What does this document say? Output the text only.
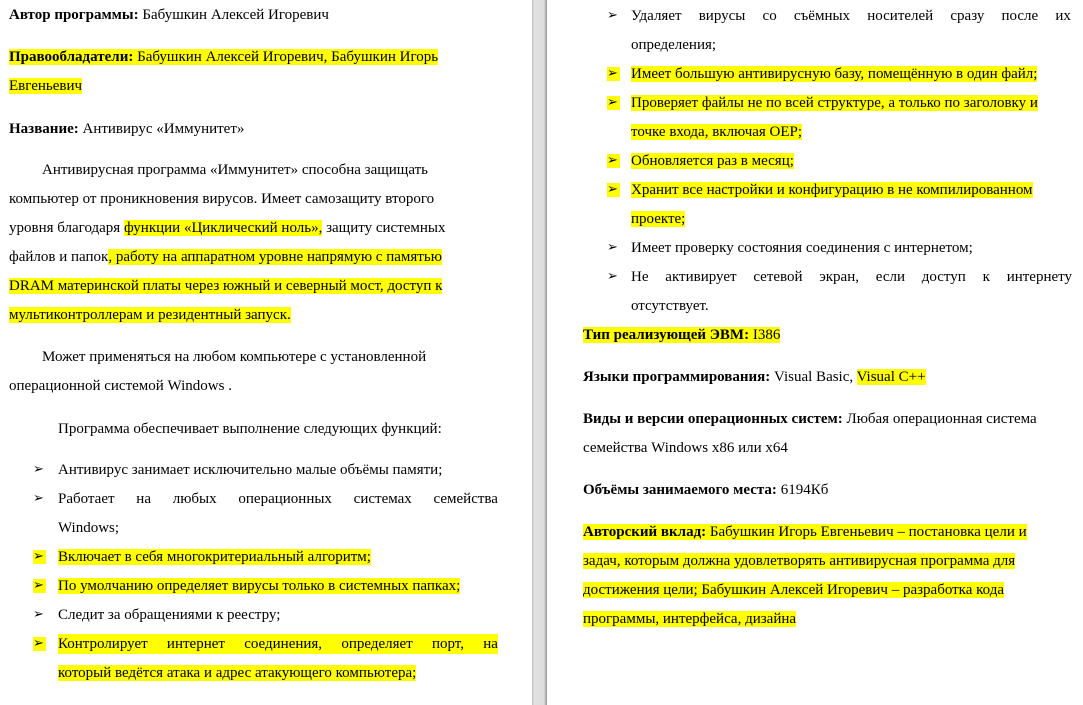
Автор программы: Бабушкин Алексей Игоревич
Правообладатели: Бабушкин Алексей Игоревич, Бабушкин Игорь
Евгеньевич
Название: Антивирус «Иммунитет»
Антивирусная программа «Иммунитет» способна защищать
компьютер от проникновения вирусов. Имеет самозащиту второго
уровня благодаря функции «Циклический ноль», защиту системных
файлов и папок, работу на аппаратном уровне напрямую с памятью
DRAM материнской платы через южный и северный мост, доступ к
мультиконтроллерам и резидентный запуск.
Может применяться на любом компьютере с установленной
операционной системой Windows .
Программа обеспечивает выполнение следующих функций:
➢ Антивирус занимает исключительно малые объёмы памяти;
➢ Работает на любых операционных системах семейства
Windows;
➢ Включает в себя многокритериальный алгоритм;
➢ По умолчанию определяет вирусы только в системных папках;
➢ Следит за обращениями к реестру;
➢ Контролирует интернет соединения, определяет порт, на
который ведётся атака и адрес атакующего компьютера;
➢ Удаляет вирусы со съёмных носителей сразу после их
определения;
➢ Имеет большую антивирусную базу, помещённую в один файл;
➢ Проверяет файлы не по всей структуре, а только по заголовку и
точке входа, включая OEP;
➢ Обновляется раз в месяц;
➢ Хранит все настройки и конфигурацию в не компилированном
проекте;
➢ Имеет проверку состояния соединения с интернетом;
➢ Не активирует сетевой экран, если доступ к интернету
отсутствует.
Тип реализующей ЭВМ: I386
Языки программирования: Visual Basic, Visual C++
Виды и версии операционных систем: Любая операционная система
семейства Windows x86 или x64
Объёмы занимаемого места: 6194Кб
Авторский вклад: Бабушкин Игорь Евгеньевич – постановка цели и
задач, которым должна удовлетворять антивирусная программа для
достижения цели; Бабушкин Алексей Игоревич – разработка кода
программы, интерфейса, дизайна
